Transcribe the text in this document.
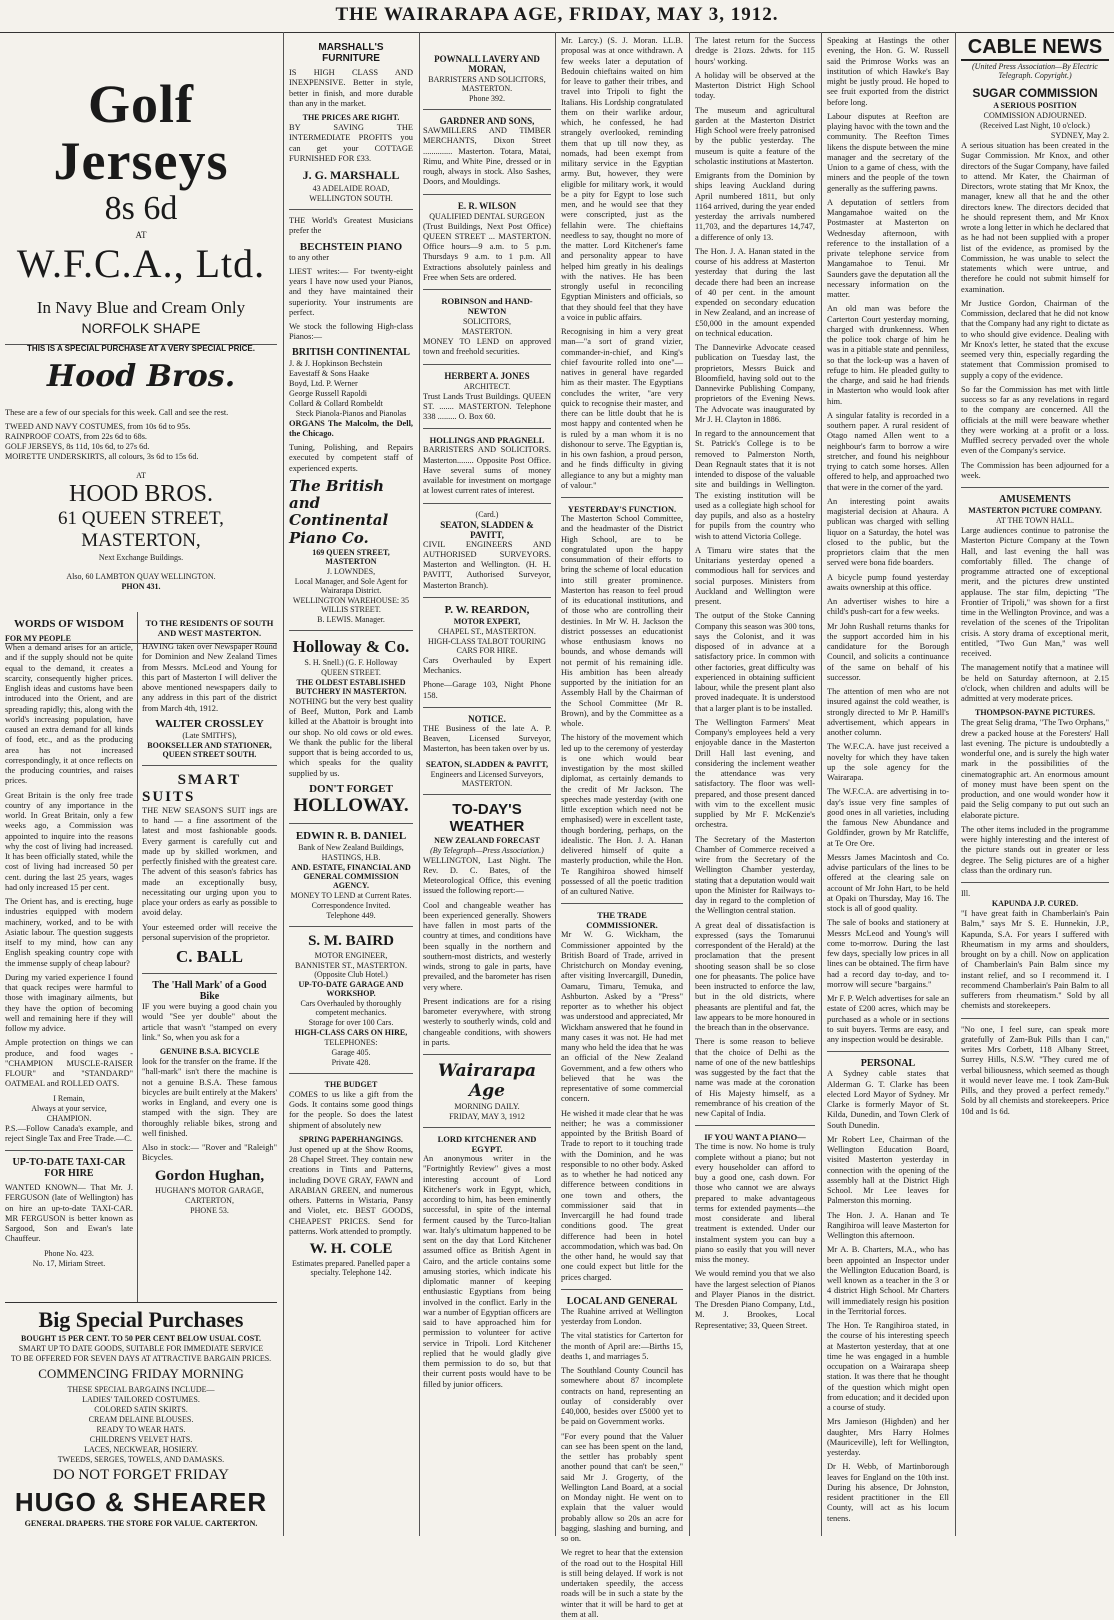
THE WAIRARAPA AGE, FRIDAY, MAY 3, 1912.
Golf Jerseys
8s 6d
AT
W.F.C.A., Ltd.
In Navy Blue and Cream Only
NORFOLK SHAPE
THIS IS A SPECIAL PURCHASE AT A VERY SPECIAL PRICE.
Hood Bros.

These are a few of our specials for this week. Call and see the rest.

TWEED AND NAVY COSTUMES, from 10s 6d to 95s.
RAINPROOF COATS, from 22s 6d to 68s.
GOLF JERSEYS, 8s 11d, 10s 6d, to 27s 6d.
MOIRETTE UNDERSKIRTS, all colours, 3s 6d to 15s 6d.
AT
HOOD BROS.
61 QUEEN STREET, MASTERTON,
Next Exchange Buildings.
Also, 60 LAMBTON QUAY WELLINGTON.
PHON 431.
WORDS OF WISDOM
FOR MY PEOPLE

When a demand arises for an article, and if the supply should not be quite equal to the demand, it creates a scarcity, consequently higher prices. English ideas and customs have been introduced into the Orient, and are spreading rapidly; this, along with the world's increasing population, have caused an extra demand for all kinds of food, etc., and as the producing area has not increased correspondingly, it at once reflects on the producing countries, and raises prices.

Great Britain is the only free trade country of any importance in the world. In Great Britain, only a few weeks ago, a Commission was appointed to inquire into the reasons why the cost of living had increased. It has been officially stated, while the cost of living had increased 50 per cent. during the last 25 years, wages had only increased 15 per cent.

The Orient has, and is erecting, huge industries equipped with modern machinery, worked, and to be with Asiatic labour. The question suggests itself to my mind, how can any English speaking country cope with the immense supply of cheap labour?

During my varied experience I found that quack recipes were harmful to those with imaginary ailments, but they have the option of becoming well and remaining here if they will follow my advice.

Ample protection on things we can produce, and food wages - "CHAMPION MUSCLE-RAISER FLOUR" and "STANDARD" OATMEAL and ROLLED OATS.

I Remain,
Always at your service,
CHAMPION.

P.S.—Follow Canada's example, and reject Single Tax and Free Trade.—C.

UP-TO-DATE TAXI-CAR FOR HIRE

WANTED KNOWN— That Mr. J. FERGUSON (late of Wellington) has on hire an up-to-date TAXI-CAR. MR FERGUSON is better known as Sargood, Son and Ewan's late Chauffeur.

Phone No. 423.
No. 17, Miriam Street.
TO THE RESIDENTS OF SOUTH AND WEST MASTERTON.

HAVING taken over Newspaper Round for Dominion and New Zealand Times from Messrs. McLeod and Young for this part of Masterton I will deliver the above mentioned newspapers daily to any address in this part of the district from March 4th, 1912.

WALTER CROSSLEY
(Late SMITH'S),
BOOKSELLER AND STATIONER, QUEEN STREET SOUTH.
SMART
SUITS

THE NEW SEASON'S SUIT ings are to hand — a fine assortment of the latest and most fashionable goods. Every garment is carefully cut and made up by skilled workmen, and perfectly finished with the greatest care. The advent of this season's fabrics has made an exceptionally busy, necessitating our urging upon you to place your orders as early as possible to avoid delay.

Your esteemed order will receive the personal supervision of the proprietor.

C. BALL
The 'Hall Mark' of a Good Bike

IF you were buying a good chain you would "See yer double" about the article that wasn't "stamped on every link." So, when you ask for a

GENUINE B.S.A. BICYCLE

look for the transfer on the frame. If the "hall-mark" isn't there the machine is not a genuine B.S.A. These famous bicycles are built entirely at the Makers' works in England, and every one is stamped with the sign. They are thoroughly reliable bikes, strong and well finished.

Also in stock:— "Rover and "Raleigh" Bicycles.

Gordon Hughan,
HUGHAN'S MOTOR GARAGE,
CARTERTON,
PHONE 53.
Big Special Purchases
BOUGHT 15 PER CENT. TO 50 PER CENT BELOW USUAL COST.
SMART UP TO DATE GOODS, SUITABLE FOR IMMEDIATE SERVICE
TO BE OFFERED FOR SEVEN DAYS AT ATTRACTIVE BARGAIN PRICES.
COMMENCING FRIDAY MORNING
THESE SPECIAL BARGAINS INCLUDE—
LADIES' TAILORED COSTUMES.
COLORED SATIN SKIRTS.
CREAM DELAINE BLOUSES.
READY TO WEAR HATS.
CHILDREN'S VELVET HATS.
LACES, NECKWEAR, HOSIERY.
TWEEDS, SERGES, TOWELS, AND DAMASKS.
DO NOT FORGET FRIDAY
HUGO & SHEARER
GENERAL DRAPERS. THE STORE FOR VALUE. CARTERTON.
MARSHALL'S FURNITURE

IS HIGH CLASS AND INEXPENSIVE. Better in style, better in finish, and more durable than any in the market.

THE PRICES ARE RIGHT.

BY SAVING THE INTERMEDIATE PROFITS you can get your COTTAGE FURNISHED FOR £33.

J. G. MARSHALL
43 ADELAIDE ROAD,
WELLINGTON SOUTH.

THE World's Greatest Musicians prefer the

BECHSTEIN PIANO

to any other

LIEST writes:— For twenty-eight years I have now used your Pianos, and they have maintained their superiority. Your instruments are perfect.

We stock the following High-class Pianos:—

BRITISH CONTINENTAL
J. & J. Hopkinson Bechstein
Eavestaff & Sons Haake
Boyd, Ltd. P. Werner
George Russell Rapoldi
Collard & Collard Rombeldt
Steck Pianola-Pianos and Pianolas

ORGANS The Malcolm, the Dell, the Chicago.

Tuning, Polishing, and Repairs executed by competent staff of experienced experts.

The British and Continental Piano Co.
169 QUEEN STREET, MASTERTON
J. LOWNDES,
Local Manager, and Sole Agent for Wairarapa District.
WELLINGTON WAREHOUSE: 35 WILLIS STREET.
B. LEWIS. Manager.
Holloway & Co.
S. H. Snell.) (G. F. Holloway
QUEEN STREET.
THE OLDEST ESTABLISHED BUTCHERY IN MASTERTON.

NOTHING but the very best quality of Beef, Mutton, Pork and Lamb killed at the Abattoir is brought into our shop. No old cows or old ewes. We thank the public for the liberal support that is being accorded to us, which speaks for the quality supplied by us.

DON'T FORGET
HOLLOWAY.
EDWIN R. B. DANIEL
Bank of New Zealand Buildings,
HASTINGS, H.B.
AND. ESTATE, FINANCIAL AND GENERAL COMMISSION AGENCY.
MONEY TO LEND at Current Rates.
Correspondence Invited.
Telephone 449.
S. M. BAIRD
MOTOR ENGINEER,
BANNISTER ST., MASTERTON. (Opposite Club Hotel.)
UP-TO-DATE GARAGE AND WORKSHOP.
Cars Overhauled by thoroughly competent mechanics.
Storage for over 100 Cars.
HIGH-CLASS CARS ON HIRE,
TELEPHONES:
Garage 405.
Private 428.
THE BUDGET

COMES to us like a gift from the Gods. It contains some good things for the people. So does the latest shipment of absolutely new

SPRING PAPERHANGINGS.

Just opened up at the Show Rooms, 28 Chapel Street. They contain new creations in Tints and Patterns, including DOVE GRAY, FAWN and ARABIAN GREEN, and numerous others. Patterns in Wistaria, Pansy and Violet, etc. BEST GOODS, CHEAPEST PRICES. Send for patterns. Work attended to promptly.

W. H. COLE
Estimates prepared. Panelled paper a specialty. Telephone 142.
POWNALL LAVERY AND MORAN,
BARRISTERS AND SOLICITORS, MASTERTON.
Phone 392.
GARDNER AND SONS,

SAWMILLERS AND TIMBER MERCHANTS, Dixon Street .............. Masterton. Totara, Matai, Rimu, and White Pine, dressed or in rough, always in stock. Also Sashes, Doors, and Mouldings.

E. R. WILSON
QUALIFIED DENTAL SURGEON

(Trust Buildings, Next Post Office) QUEEN STREET ... MASTERTON. Office hours—9 a.m. to 5 p.m. Thursdays 9 a.m. to 1 p.m. All Extractions absolutely painless and Free when Sets are ordered.

ROBINSON and HAND-NEWTON
SOLICITORS,
MASTERTON.

MONEY TO LEND on approved town and freehold securities.

HERBERT A. JONES
ARCHITECT.

Trust Lands Trust Buildings. QUEEN ST. ....... MASTERTON. Telephone 338 ......... O. Box 60.

HOLLINGS AND PRAGNELL

BARRISTERS AND SOLICITORS. Masterton........ Opposite Post Office. Have several sums of money available for investment on mortgage at lowest current rates of interest.

(Card.)
SEATON, SLADDEN & PAVITT,

CIVIL ENGINEERS AND AUTHORISED SURVEYORS. Masterton and Wellington. (H. H. PAVITT, Authorised Surveyor, Masterton Branch).

P. W. REARDON,
MOTOR EXPERT,
CHAPEL ST., MASTERTON.
HIGH-CLASS TALBOT TOURING CARS FOR HIRE.

Cars Overhauled by Expert Mechanics.

Phone—Garage 103, Night Phone 158.

NOTICE.

THE Business of the late A. P. Beaven, Licensed Surveyor, Masterton, has been taken over by us.

SEATON, SLADDEN & PAVITT,
Engineers and Licensed Surveyors, MASTERTON.
TO-DAY'S WEATHER
NEW ZEALAND FORECAST
(By Telegraph—Press Association.)

WELLINGTON, Last Night. The Rev. D. C. Bates, of the Meteorological Office, this evening issued the following report:—

Cool and changeable weather has been experienced generally. Showers have fallen in most parts of the country at times, and conditions have been squally in the northern and southern-most districts, and westerly winds, strong to gale in parts, have prevailed, and the barometer has risen very where.

Present indications are for a rising barometer everywhere, with strong westerly to southerly winds, cold and changeable conditions, with showers in parts.

Wairarapa Age
MORNING DAILY.
FRIDAY, MAY 3, 1912
LORD KITCHENER AND EGYPT.

An anonymous writer in the "Fortnightly Review" gives a most interesting account of Lord Kitchener's work in Egypt, which, according to him, has been eminently successful, in spite of the internal ferment caused by the Turco-Italian war. Italy's ultimatum happened to be sent on the day that Lord Kitchener assumed office as British Agent in Cairo, and the article contains some amusing stories, which indicate his diplomatic manner of keeping enthusiastic Egyptians from being involved in the conflict. Early in the war a number of Egyptian officers are said to have approached him for permission to volunteer for active service in Tripoli. Lord Kitchener replied that he would gladly give them permission to do so, but that their current posts would have to be filled by junior officers.

Mr. Larcy.) (S. J. Moran. LL.B. proposal was at once withdrawn. A few weeks later a deputation of Bedouin chieftains waited on him for leave to gather their tribes, and travel into Tripoli to fight the Italians. His Lordship congratulated them on their warlike ardour, which, he confessed, he had strangely overlooked, reminding them that up till now they, as nomads, had been exempt from military service in the Egyptian army. But, however, they were eligible for military work, it would be a pity for Egypt to lose such men, and he would see that they were conscripted, just as the fellahin were. The chieftains needless to say, thought no more of the matter. Lord Kitchener's fame and personality appear to have helped him greatly in his dealings with the natives. He has been strongly useful in reconciling Egyptian Ministers and officials, so that they should feel that they have a voice in public affairs.

Recognising in him a very great man—"a sort of grand vizier, commander-in-chief, and King's chief favourite rolled into one"—natives in general have regarded him as their master. The Egyptians concludes the writer, "are very quick to recognise their master, and there can be little doubt that he is most happy and contented when he is ruled by a man whom it is no dishonour to serve. The Egyptian is, in his own fashion, a proud person, and he finds difficulty in giving allegiance to any but a mighty man of valour."

YESTERDAY'S FUNCTION.

The Masterton School Committee, and the headmaster of the District High School, are to be congratulated upon the happy consummation of their efforts to bring the scheme of local education into still greater prominence. Masterton has reason to feel proud of its educational institutions, and of those who are controlling their destinies. In Mr W. H. Jackson the district possesses an educationist whose enthusiasm knows no bounds, and whose demands will not permit of his remaining idle. His ambition has been already supported by the initiation for an Assembly Hall by the Chairman of the School Committee (Mr R. Brown), and by the Committee as a whole.

The history of the movement which led up to the ceremony of yesterday is one which would bear investigation by the most skilled diplomat, as certainly demands to the credit of Mr Jackson. The speeches made yesterday (with one little exception which need not be emphasised) were in excellent taste, though bordering, perhaps, on the idealistic. The Hon. J. A. Hanan delivered himself of quite a masterly production, while the Hon. Te Rangihiroa showed himself possessed of all the poetic tradition of an cultured Native.

THE TRADE COMMISSIONER.

Mr W. G. Wickham, the Commissioner appointed by the British Board of Trade, arrived in Christchurch on Monday evening, after visiting Invercargill, Dunedin, Oamaru, Timaru, Temuka, and Ashburton. Asked by a "Press" reporter as to whether his object was understood and appreciated, Mr Wickham answered that he found in many cases it was not. He had met many who held the idea that he was an official of the New Zealand Government, and a few others who believed that he was the representative of some commercial concern.

He wished it made clear that he was neither; he was a commissioner appointed by the British Board of Trade to report to it touching trade with the Dominion, and he was responsible to no other body. Asked as to whether he had noticed any difference between conditions in one town and others, the commissioner said that in Invercargill he had found trade conditions good. The great difference had been in hotel accommodation, which was bad. On the other hand, he would say that one could expect but little for the prices charged.

LOCAL AND GENERAL

The Ruahine arrived at Wellington yesterday from London.

The vital statistics for Carterton for the month of April are:—Births 15, deaths 1, and marriages 5.

The Southland County Council has somewhere about 87 incomplete contracts on hand, representing an outlay of considerably over £40,000, besides over £5000 yet to be paid on Government works.

"For every pound that the Valuer can see has been spent on the land, the settler has probably spent another pound that can't be seen," said Mr J. Grogerty, of the Wellington Land Board, at a social on Monday night. He went on to explain that the valuer would probably allow so 20s an acre for bagging, slashing and burning, and so on.

We regret to hear that the extension of the road out to the Hospital Hill is still being delayed. If work is not undertaken speedily, the access roads will be in such a state by the winter that it will be hard to get at them at all.

The latest return for the Success dredge is 21ozs. 2dwts. for 115 hours' working.

A holiday will be observed at the Masterton District High School today.

The museum and agricultural garden at the Masterton District High School were freely patronised by the public yesterday. The museum is quite a feature of the scholastic institutions at Masterton.

Emigrants from the Dominion by ships leaving Auckland during April numbered 1811, but only 1164 arrived, during the year ended yesterday the arrivals numbered 11,703, and the departures 14,747, a difference of only 13.

The Hon. J. A. Hanan stated in the course of his address at Masterton yesterday that during the last decade there had been an increase of 40 per cent. in the amount expended on secondary education in New Zealand, and an increase of £50,000 in the amount expended on technical education.

The Dannevirke Advocate ceased publication on Tuesday last, the proprietors, Messrs Buick and Bloomfield, having sold out to the Dannevirke Publishing Company, proprietors of the Evening News. The Advocate was inaugurated by Mr J. H. Clayton in 1886.

In regard to the announcement that St. Patrick's College is to be removed to Palmerston North, Dean Regnault states that it is not intended to dispose of the valuable site and buildings in Wellington. The existing institution will be used as a collegiate high school for day pupils, and also as a hostelry for pupils from the country who wish to attend Victoria College.

A Timaru wire states that the Unitarians yesterday opened a commodious hall for services and social purposes. Ministers from Auckland and Wellington were present.

The output of the Stoke Canning Company this season was 300 tons, says the Colonist, and it was disposed of in advance at a satisfactory price. In common with other factories, great difficulty was experienced in obtaining sufficient labour, while the present plant also proved inadequate. It is understood that a larger plant is to be installed.

The Wellington Farmers' Meat Company's employees held a very enjoyable dance in the Masterton Drill Hall last evening, and considering the inclement weather the attendance was very satisfactory. The floor was well-prepared, and those present danced with vim to the excellent music supplied by Mr F. McKenzie's orchestra.

The Secretary of the Masterton Chamber of Commerce received a wire from the Secretary of the Wellington Chamber yesterday, stating that a deputation would wait upon the Minister for Railways to-day in regard to the completion of the Wellington central station.

A great deal of dissatisfaction is expressed (says the Tomarunui correspondent of the Herald) at the proclamation that the present shooting season shall be so close one for pheasants. The police have been instructed to enforce the law, but in the old districts, where pheasants are plentiful and fat, the law appears to be more honoured in the breach than in the observance.

There is some reason to believe that the choice of Delhi as the name of one of the new battleships was suggested by the fact that the name was made at the coronation of His Majesty himself, as a remembrance of his creation of the new Capital of India.

IF YOU WANT A PIANO—

The time is now. No home is truly complete without a piano; but not every householder can afford to buy a good one, cash down. For those who cannot we are always prepared to make advantageous terms for extended payments—the most considerate and liberal treatment is extended. Under our instalment system you can buy a piano so easily that you will never miss the money.

We would remind you that we also have the largest selection of Pianos and Player Pianos in the district. The Dresden Piano Company, Ltd., M. J. Brookes, Local Representative; 33, Queen Street.

Speaking at Hastings the other evening, the Hon. G. W. Russell said the Primrose Works was an institution of which Hawke's Bay might be justly proud. He hoped to see fruit exported from the district before long.

Labour disputes at Reefton are playing havoc with the town and the community. The Reefton Times likens the dispute between the mine manager and the secretary of the Union to a game of chess, with the miners and the people of the town generally as the suffering pawns.

A deputation of settlers from Mangamahoe waited on the Postmaster at Masterton on Wednesday afternoon, with reference to the installation of a private telephone service from Mangamahoe to Tenui. Mr Saunders gave the deputation all the necessary information on the matter.

An old man was before the Carterton Court yesterday morning, charged with drunkenness. When the police took charge of him he was in a pitiable state and penniless, so that the lock-up was a haven of refuge to him. He pleaded guilty to the charge, and said he had friends in Masterton who would look after him.

A singular fatality is recorded in a southern paper. A rural resident of Otago named Allen went to a neighbour's farm to borrow a wire stretcher, and found his neighbour trying to catch some horses. Allen offered to help, and approached two that were in the corner of the yard.

An interesting point awaits magisterial decision at Ahaura. A publican was charged with selling liquor on a Saturday, the hotel was closed to the public, but the proprietors claim that the men served were bona fide boarders.

A bicycle pump found yesterday awaits ownership at this office.

An advertiser wishes to hire a child's push-cart for a few weeks.

Mr John Rushall returns thanks for the support accorded him in his candidature for the Borough Council, and solicits a continuance of the same on behalf of his successor.

The attention of men who are not insured against the cold weather, is strongly directed to Mr P. Hamill's advertisement, which appears in another column.

The W.F.C.A. have just received a novelty for which they have taken up the sole agency for the Wairarapa.

The W.F.C.A. are advertising in to-day's issue very fine samples of good ones in all varieties, including the famous New Abundance and Goldfinder, grown by Mr Ratcliffe, at Te Ore Ore.

Messrs James Macintosh and Co. advise particulars of the lines to be offered at the clearing sale on account of Mr John Hart, to be held at Opaki on Thursday, May 16. The stock is all of good quality.

The sale of books and stationery at Messrs McLeod and Young's will come to-morrow. During the last few days, specially low prices in all lines can be obtained. The firm have had a record day to-day, and to-morrow will secure "bargains."

Mr F. P. Welch advertises for sale an estate of £200 acres, which may be purchased as a whole or in sections to suit buyers. Terms are easy, and any inspection would be desirable.

PERSONAL

A Sydney cable states that Alderman G. T. Clarke has been elected Lord Mayor of Sydney. Mr Clarke is formerly Mayor of St. Kilda, Dunedin, and Town Clerk of South Dunedin.

Mr Robert Lee, Chairman of the Wellington Education Board, visited Masterton yesterday in connection with the opening of the assembly hall at the District High School. Mr Lee leaves for Palmerston this morning.

The Hon. J. A. Hanan and Te Rangihiroa will leave Masterton for Wellington this afternoon.

Mr A. B. Charters, M.A., who has been appointed an Inspector under the Wellington Education Board, is well known as a teacher in the 3 or 4 district High School. Mr Charters will immediately resign his position in the Territorial forces.

The Hon. Te Rangihiroa stated, in the course of his interesting speech at Masterton yesterday, that at one time he was engaged in a humble occupation on a Wairarapa sheep station. It was there that he thought of the question which might open from education; and it decided upon a course of study.

Mrs Jamieson (Highden) and her daughter, Mrs Harry Holmes (Mauriceville), left for Wellington, yesterday.

Dr H. Webb, of Martinborough leaves for England on the 10th inst. During his absence, Dr Johnston, resident practitioner in the Ell County, will act as his locum tenens.

CABLE NEWS
(United Press Association—By Electric Telegraph. Copyright.)
SUGAR COMMISSION
A SERIOUS POSITION
COMMISSION ADJOURNED.
(Received Last Night, 10 o'clock.)
SYDNEY, May 2.

A serious situation has been created in the Sugar Commission. Mr Knox, and other directors of the Sugar Company, have failed to attend. Mr Kater, the Chairman of Directors, wrote stating that Mr Knox, the manager, knew all that he and the other directors knew. The directors decided that he should represent them, and Mr Knox wrote a long letter in which he declared that as he had not been supplied with a proper list of the evidence, as promised by the Commission, he was unable to select the statements which were untrue, and therefore he could not submit himself for examination.

Mr Justice Gordon, Chairman of the Commission, declared that he did not know that the Company had any right to dictate as to who should give evidence. Dealing with Mr Knox's letter, he stated that the excuse seemed very thin, especially regarding the statement that Commission promised to supply a copy of the evidence.

So far the Commission has met with little success so far as any revelations in regard to the company are concerned. All the officials at the mill were beaware whether they were working at a profit or a loss. Muffled secrecy pervaded over the whole even of the Company's service.

The Commission has been adjourned for a week.

AMUSEMENTS
MASTERTON PICTURE COMPANY.
AT THE TOWN HALL.

Large audiences continue to patronise the Masterton Picture Company at the Town Hall, and last evening the hall was comfortably filled. The change of programme attracted one of exceptional merit, and the pictures drew unstinted applause. The star film, depicting "The Frontier of Tripoli," was shown for a first time in the Wellington Province, and was a revelation of the scenes of the Tripolitan crisis. A story drama of exceptional merit, entitled, "Two Gun Man," was well received.

The management notify that a matinee will be held on Saturday afternoon, at 2.15 o'clock, when children and adults will be admitted at very moderate prices.

THOMPSON-PAYNE PICTURES.

The great Selig drama, "The Two Orphans," drew a packed house at the Foresters' Hall last evening. The picture is undoubtedly a wonderful one, and is surely the high water mark in the possibilities of the cinematographic art. An enormous amount of money must have been spent on the production, and one would wonder how it paid the Selig company to put out such an elaborate picture.

The other items included in the programme were highly interesting and the interest of the picture stands out in greater or less degree. The Selig pictures are of a higher class than the ordinary run.

Ill.
KAPUNDA J.P. CURED.

"I have great faith in Chamberlain's Pain Balm," says Mr S. E. Hunnekin, J.P., Kapunda, S.A. For years I suffered with Rheumatism in my arms and shoulders, brought on by a chill. Now on application of Chamberlain's Pain Balm since my instant relief, and so I recommend it. I recommend Chamberlain's Pain Balm to all sufferers from rheumatism." Sold by all chemists and storekeepers.

"No one, I feel sure, can speak more gratefully of Zam-Buk Pills than I can," writes Mrs Corbett, 118 Albany Street, Surrey Hills, N.S.W. "They cured me of verbal biliousness, which seemed as though it would never leave me. I took Zam-Buk Pills, and they proved a perfect remedy." Sold by all chemists and storekeepers. Price 10d and 1s 6d.
